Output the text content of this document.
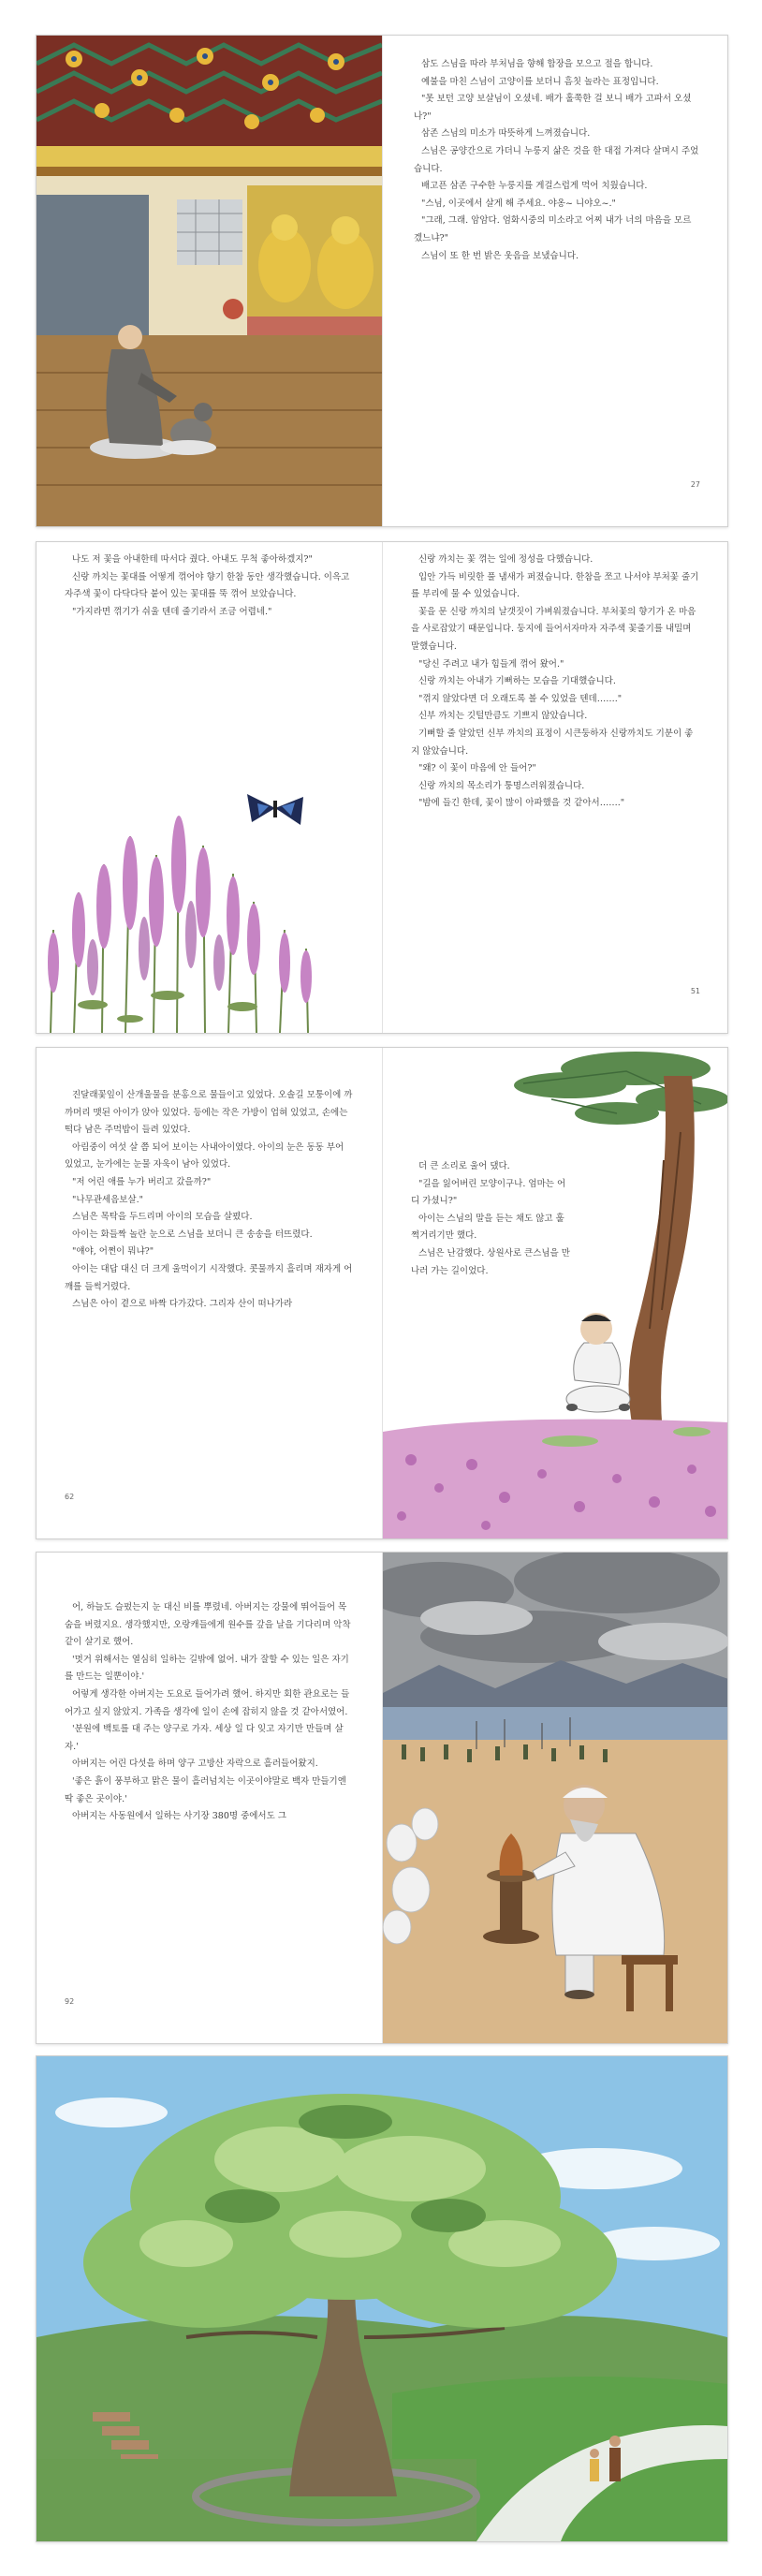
삼도 스님을 따라 부처님을 향해 합장을 모으고 절을 합니다.

예불을 마친 스님이 고양이를 보더니 흠칫 놀라는 표정입니다.

"못 보던 고양 보살님이 오셨네. 배가 홀쭉한 걸 보니 배가 고파서 오셨나?"

삼존 스님의 미소가 따뜻하게 느껴졌습니다.

스님은 공양간으로 가더니 누룽지 삶은 것을 한 대접 가져다 살며시 주었습니다.

배고픈 삼존 구수한 누룽지를 게걸스럽게 먹어 치웠습니다.

"스님, 이곳에서 살게 해 주세요. 야옹~ 니야오~."

"그래, 그래. 암암다. 엄화시중의 미소라고 어찌 내가 너의 마음을 모르겠느냐?"

스님이 또 한 번 밝은 웃음을 보냈습니다.

27

나도 저 꽃을 아내한테 따서다 줬다. 아내도 무척 좋아하겠지?"

신랑 까치는 꽃대를 어떻게 꺾어야 향기 한참 동안 생각했습니다. 이윽고 자주색 꽃이 다닥다닥 붙어 있는 꽃대를 뚝 꺾어 보았습니다.

"가지라면 꺾기가 쉬울 텐데 줄기라서 조금 어렵네."

신랑 까치는 꽃 꺾는 일에 정성을 다했습니다.

입안 가득 비릿한 풀 냄새가 퍼졌습니다. 한참을 쪼고 나서야 부처꽃 줄기를 부리에 물 수 있었습니다.

꽃을 문 신랑 까치의 날갯짓이 가벼워졌습니다. 부처꽃의 향기가 온 마음을 사로잡았기 때문입니다. 둥지에 들어서자마자 자주색 꽃줄기를 내밀며 말했습니다.

"당신 주려고 내가 힘들게 꺾어 왔어."

신랑 까치는 아내가 기뻐하는 모습을 기대했습니다.

"꺾지 않았다면 더 오래도록 볼 수 있었을 텐데……."

신부 까치는 깃털만큼도 기쁘지 않았습니다.

기뻐할 줄 알았던 신부 까치의 표정이 시큰둥하자 신랑까치도 기분이 좋지 않았습니다.

"왜? 이 꽃이 마음에 안 들어?"

신랑 까치의 목소리가 퉁명스러워졌습니다.

"밤에 들긴 한데, 꽃이 많이 아파했을 것 같아서……."

51

진달래꽃잎이 산개울물을 분홍으로 물들이고 있었다. 오솔길 모퉁이에 까까머리 맷된 아이가 앉아 있었다. 등에는 작은 가방이 업혀 있었고, 손에는 떡다 남은 주먹밥이 들려 있었다.

아림중이 여섯 살 쯤 되어 보이는 사내아이였다. 아이의 눈은 동동 부어 있었고, 눈가에는 눈물 자욱이 남아 있었다.

"저 어린 애를 누가 버리고 갔을까?"

"나무관세음보살."

스님은 목탁을 두드리며 아이의 모습을 살폈다.

아이는 화들짝 놀란 눈으로 스님을 보더니 큰 송송을 터뜨렸다.

"얘야, 어쩐이 뭐냐?"

아이는 대답 대신 더 크게 울먹이기 시작했다. 콧물까지 흘리며 재자게 어깨를 들썩거렸다.

스님은 아이 곁으로 바짝 다가갔다. 그리자 산이 떠나가라

62

더 큰 소리로 울어 댔다.

"길을 잃어버린 모양이구나. 엄마는 어디 가셨니?"

아이는 스님의 말을 듣는 채도 않고 훌쩍거리기만 했다.

스님은 난감했다. 상원사로 큰스님을 만나러 가는 길이었다.

어, 하늘도 슬펐는지 눈 대신 비를 뿌렸네. 아버지는 강물에 뛰어들어 목숨을 버렸지요. 생각했지만, 오랑캐들에게 원수를 갚을 날을 기다리며 악착같이 살기로 했어.

'멋거 위해서는 열심히 일하는 길밖에 없어. 내가 잘할 수 있는 일은 자기를 만드는 일뿐이야.'

어렇게 생각한 아버지는 도요로 들어가려 했어. 하지만 회한 관요로는 들어가고 싶지 않았지. 가족을 생각에 일이 손에 잡히지 않을 것 같아서였어.

'분원에 백토를 대 주는 양구로 가자. 세상 일 다 잊고 자기만 만들며 살자.'

아버지는 어린 다섯을 하며 양구 고방산 자락으로 흘러들어왔지.

'좋은 흙이 풍부하고 맑은 물이 흘러넘치는 이곳이야말로 백자 만들기엔 딱 좋은 곳이야.'

아버지는 사동원에서 일하는 사기장 380명 중에서도 그

92
